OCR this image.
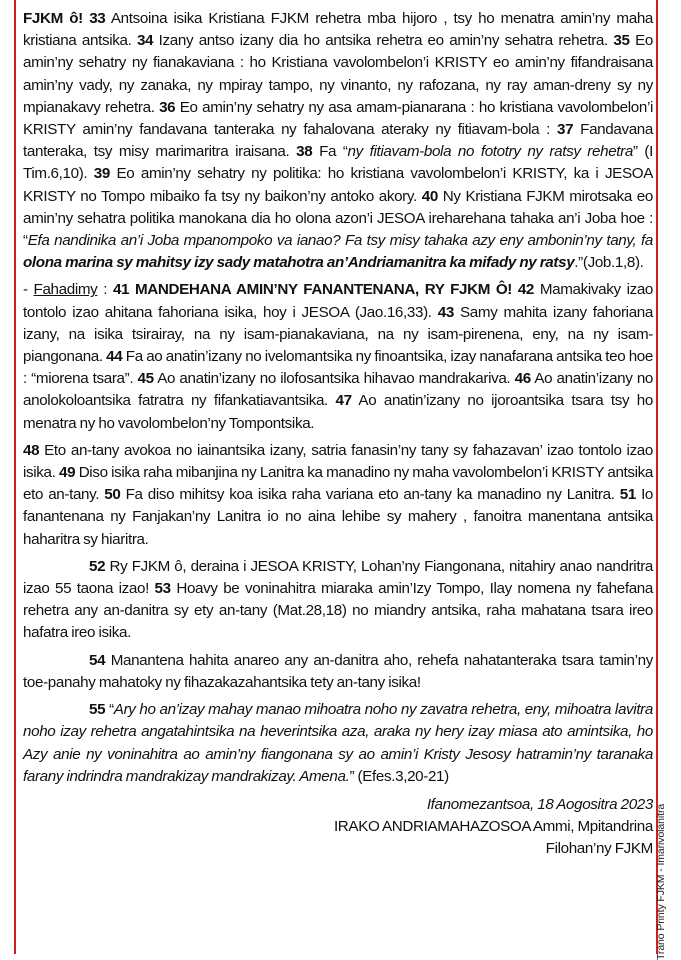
FJKM ô! 33 Antsoina isika Kristiana FJKM rehetra mba hijoro , tsy ho menatra amin’ny maha kristiana antsika. 34 Izany antso izany dia ho antsika rehetra eo amin’ny sehatra rehetra. 35 Eo amin’ny sehatry ny fianakaviana : ho Kristiana vavolombelon’i KRISTY eo amin’ny fifandraisana amin’ny vady, ny zanaka, ny mpiray tampo, ny vinanto, ny rafozana, ny ray aman-dreny sy ny mpianakavy rehetra. 36 Eo amin’ny sehatry ny asa amam-pianarana : ho kristiana vavolombelon’i KRISTY amin’ny fandavana tanteraka ny fahalovana ateraky ny fitiavam-bola : 37 Fandavana tanteraka, tsy misy marimaritra iraisana. 38 Fa “ny fitiavam-bola no fototry ny ratsy rehetra” (I Tim.6,10). 39 Eo amin’ny sehatry ny politika: ho kristiana vavolombelon’i KRISTY, ka i JESOA KRISTY no Tompo mibaiko fa tsy ny baikon’ny antoko akory. 40 Ny Kristiana FJKM mirotsaka eo amin’ny sehatra politika manokana dia ho olona azon’i JESOA ireharehana tahaka an’i Joba hoe : “Efa nandinika an’i Joba mpanompoko va ianao? Fa tsy misy tahaka azy eny ambonin’ny tany, fa olona marina sy mahitsy izy sady matahotra an’Andriamanitra ka mifady ny ratsy.”(Job.1,8).

- Fahadimy : 41 MANDEHANA AMIN’NY FANANTENANA, RY FJKM Ô! 42 Mamakivaky izao tontolo izao ahitana fahoriana isika, hoy i JESOA (Jao.16,33). 43 Samy mahita izany fahoriana izany, na isika tsirairay, na ny isam-pianakaviana, na ny isam-pirenena, eny, na ny isam-piangonana. 44 Fa ao anatin’izany no ivelomantsika ny finoantsika, izay nanafarana antsika teo hoe : “miorena tsara”. 45 Ao anatin’izany no ilofosantsika hihavao mandrakariva. 46 Ao anatin’izany no anolokoloantsika fatratra ny fifankatiavantsika. 47 Ao anatin’izany no ijoroantsika tsara tsy ho menatra ny ho vavolombelon’ny Tompontsika.

48 Eto an-tany avokoa no iainantsika izany, satria fanasin’ny tany sy fahazavan’ izao tontolo izao isika. 49 Diso isika raha mibanjina ny Lanitra ka manadino ny maha vavolombelon’i KRISTY antsika eto an-tany. 50 Fa diso mihitsy koa isika raha variana eto an-tany ka manadino ny Lanitra. 51 Io fanantenana ny Fanjakan’ny Lanitra io no aina lehibe sy mahery , fanoitra manentana antsika haharitra sy hiaritra.

52 Ry FJKM ô, deraina i JESOA KRISTY, Lohan’ny Fiangonana, nitahiry anao nandritra izao 55 taona izao! 53 Hoavy be voninahitra miaraka amin’Izy Tompo, Ilay nomena ny fahefana rehetra any an-danitra sy ety an-tany (Mat.28,18) no miandry antsika, raha mahatana tsara ireo hafatra ireo isika.

54 Manantena hahita anareo any an-danitra aho, rehefa nahatanteraka tsara tamin’ny toe-panahy mahatoky ny fihazakazahantsika tety an-tany isika!

55 “Ary ho an’izay mahay manao mihoatra noho ny zavatra rehetra, eny, mihoatra lavitra noho izay rehetra angatahintsika na heverintsika aza, araka ny hery izay miasa ato amintsika, ho Azy anie ny voninahitra ao amin’ny fiangonana sy ao amin’i Kristy Jesosy hatramin’ny taranaka farany indrindra mandrakizay mandrakizay. Amena.” (Efes.3,20-21)

Ifanomezantsoa, 18 Aogositra 2023

IRAKO ANDRIAMAHAZOSOA Ammi, Mpitandrina

Filohan’ny FJKM Trano Printy FJKM - Imarivolanitra
